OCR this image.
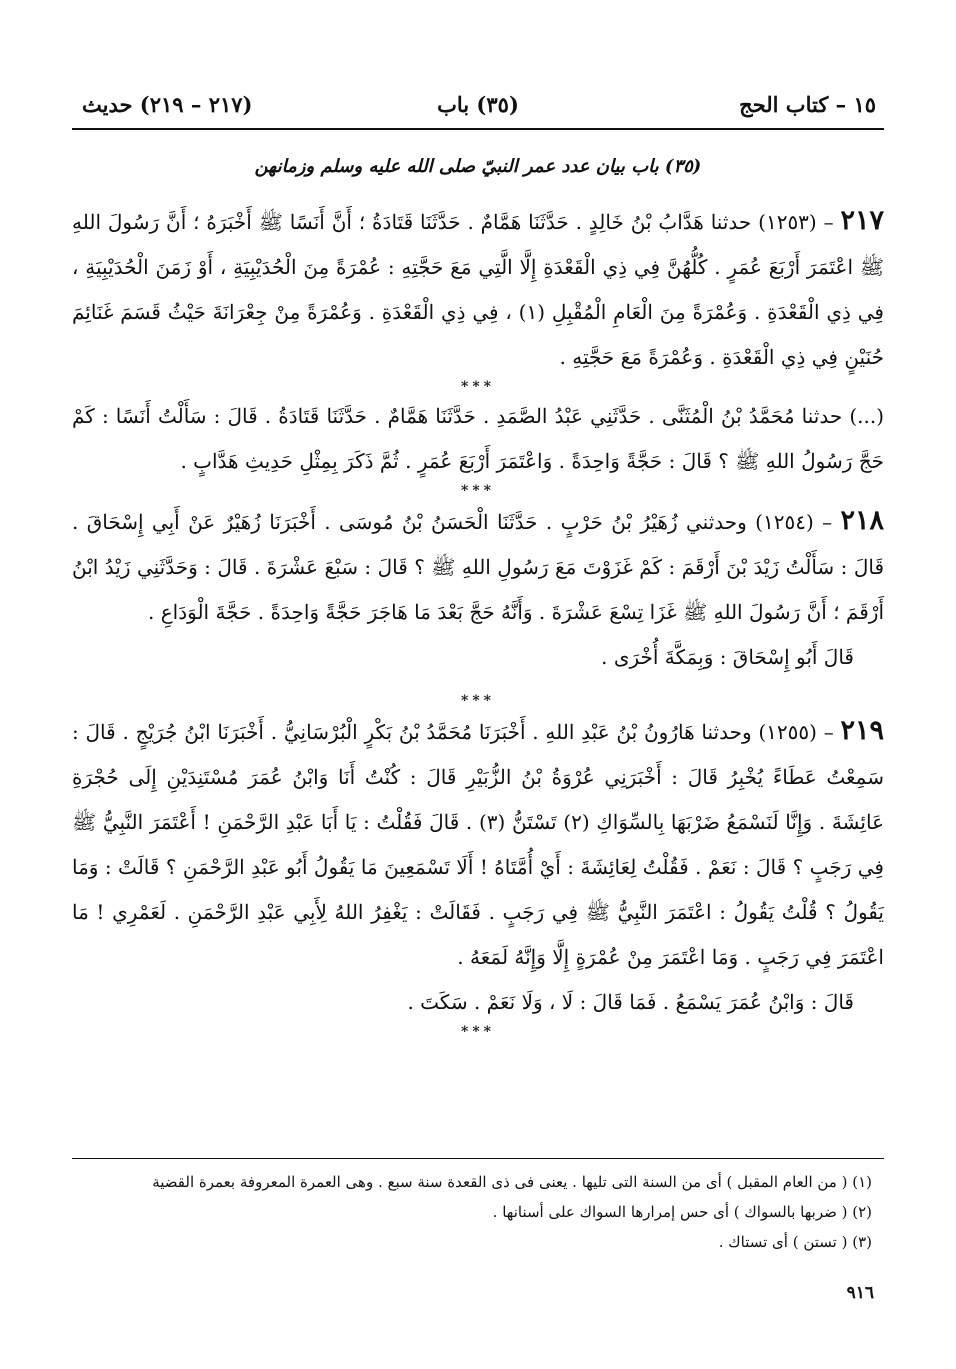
١٥ – كتاب الحج
(٣٥) باب
(٢١٧ – ٢١٩) حديث
(٣٥) باب بيان عدد عمر النبيّ صلى الله عليه وسلم وزمانهن

٢١٧ – (١٢٥٣) حدثنا هَدَّابُ بْنُ خَالِدٍ . حَدَّثَنَا هَمَّامٌ . حَدَّثَنَا قَتَادَةُ ؛ أَنَّ أَنَسًا ﷺ أَخْبَرَهُ ؛ أَنَّ رَسُولَ اللهِ ﷺ اعْتَمَرَ أَرْبَعَ عُمَرٍ . كُلُّهُنَّ فِي ذِي الْقَعْدَةِ إِلَّا الَّتِي مَعَ حَجَّتِهِ : عُمْرَةً مِنَ الْحُدَيْبِيَةِ ، أَوْ زَمَنَ الْحُدَيْبِيَةِ ، فِي ذِي الْقَعْدَةِ . وَعُمْرَةً مِنَ الْعَامِ الْمُقْبِلِ (١) ، فِي ذِي الْقَعْدَةِ . وَعُمْرَةً مِنْ جِعْرَانَةَ حَيْثُ قَسَمَ غَنَائِمَ حُنَيْنٍ فِي ذِي الْقَعْدَةِ . وَعُمْرَةً مَعَ حَجَّتِهِ .

***

(...) حدثنا مُحَمَّدُ بْنُ الْمُثَنَّى . حَدَّثَنِي عَبْدُ الصَّمَدِ . حَدَّثَنَا هَمَّامٌ . حَدَّثَنَا قَتَادَةُ . قَالَ : سَأَلْتُ أَنَسًا : كَمْ حَجَّ رَسُولُ اللهِ ﷺ ؟ قَالَ : حَجَّةً وَاحِدَةً . وَاعْتَمَرَ أَرْبَعَ عُمَرٍ . ثُمَّ ذَكَرَ بِمِثْلِ حَدِيثِ هَدَّابٍ .

***

٢١٨ – (١٢٥٤) وحدثني زُهَيْرُ بْنُ حَرْبٍ . حَدَّثَنَا الْحَسَنُ بْنُ مُوسَى . أَخْبَرَنَا زُهَيْرٌ عَنْ أَبِي إِسْحَاقَ . قَالَ : سَأَلْتُ زَيْدَ بْنَ أَرْقَمَ : كَمْ غَزَوْتَ مَعَ رَسُولِ اللهِ ﷺ ؟ قَالَ : سَبْعَ عَشْرَةَ . قَالَ : وَحَدَّثَنِي زَيْدُ ابْنُ أَرْقَمَ ؛ أَنَّ رَسُولَ اللهِ ﷺ غَزَا تِسْعَ عَشْرَةَ . وَأَنَّهُ حَجَّ بَعْدَ مَا هَاجَرَ حَجَّةً وَاحِدَةً . حَجَّةَ الْوَدَاعِ .
قَالَ أَبُو إِسْحَاقَ : وَبِمَكَّةَ أُخْرَى .

***

٢١٩ – (١٢٥٥) وحدثنا هَارُونُ بْنُ عَبْدِ اللهِ . أَخْبَرَنَا مُحَمَّدُ بْنُ بَكْرٍ الْبُرْسَانِيُّ . أَخْبَرَنَا ابْنُ جُرَيْجٍ . قَالَ : سَمِعْتُ عَطَاءً يُخْبِرُ قَالَ : أَخْبَرَنِي عُرْوَةُ بْنُ الزُّبَيْرِ قَالَ : كُنْتُ أَنَا وَابْنُ عُمَرَ مُسْتَنِدَيْنِ إِلَى حُجْرَةِ عَائِشَةَ . وَإِنَّا لَنَسْمَعُ ضَرْبَهَا بِالسِّوَاكِ (٢) تَسْتَنُّ (٣) . قَالَ فَقُلْتُ : يَا أَبَا عَبْدِ الرَّحْمَنِ ! أَعْتَمَرَ النَّبِيُّ ﷺ فِي رَجَبٍ ؟ قَالَ : نَعَمْ . فَقُلْتُ لِعَائِشَةَ : أَيْ أُمَّتَاهُ ! أَلَا تَسْمَعِينَ مَا يَقُولُ أَبُو عَبْدِ الرَّحْمَنِ ؟ قَالَتْ : وَمَا يَقُولُ ؟ قُلْتُ يَقُولُ : اعْتَمَرَ النَّبِيُّ ﷺ فِي رَجَبٍ . فَقَالَتْ : يَغْفِرُ اللهُ لِأَبِي عَبْدِ الرَّحْمَنِ . لَعَمْرِي ! مَا اعْتَمَرَ فِي رَجَبٍ . وَمَا اعْتَمَرَ مِنْ عُمْرَةٍ إِلَّا وَإِنَّهُ لَمَعَهُ .
قَالَ : وَابْنُ عُمَرَ يَسْمَعُ . فَمَا قَالَ : لَا ، وَلَا نَعَمْ . سَكَتَ .

***

(١) ( من العام المقبل ) أى من السنة التى تليها . يعنى فى ذى القعدة سنة سبع . وهى العمرة المعروفة بعمرة القضية

(٢) ( ضربها بالسواك ) أى حس إمرارها السواك على أسنانها .

(٣) ( تستن ) أى تستاك .

٩١٦
